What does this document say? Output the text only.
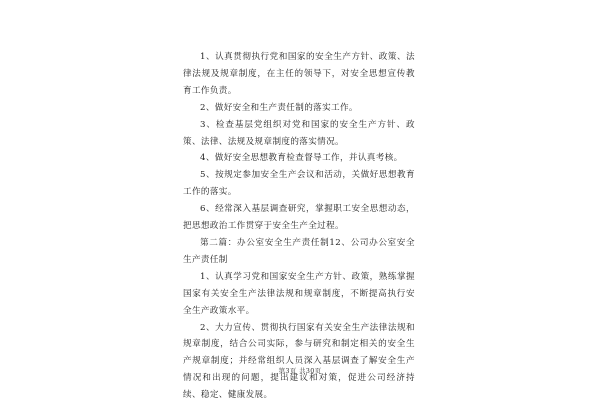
1、认真贯彻执行党和国家的安全生产方针、政策、法律法规及规章制度，在主任的领导下，对安全思想宣传教育工作负责。

2、做好安全和生产责任制的落实工作。

3、检查基层党组织对党和国家的安全生产方针、政策、法律、法规及规章制度的落实情况。

4、做好安全思想教育检查督导工作，并认真考核。

5、按规定参加安全生产会议和活动，关做好思想教育工作的落实。

6、经常深入基层调查研究，掌握职工安全思想动态，把思想政治工作贯穿于安全生产全过程。

第二篇：办公室安全生产责任制12、公司办公室安全生产责任制

1、认真学习党和国家安全生产方针、政策，熟练掌握国家有关安全生产法律法规和规章制度，不断提高执行安全生产政策水平。

2、大力宣传、贯彻执行国家有关安全生产法律法规和规章制度，结合公司实际，参与研究和制定相关的安全生产规章制度；并经常组织人员深入基层调查了解安全生产情况和出现的问题，提出建议和对策，促进公司经济持续、稳定、健康发展。

第3页 共30页
